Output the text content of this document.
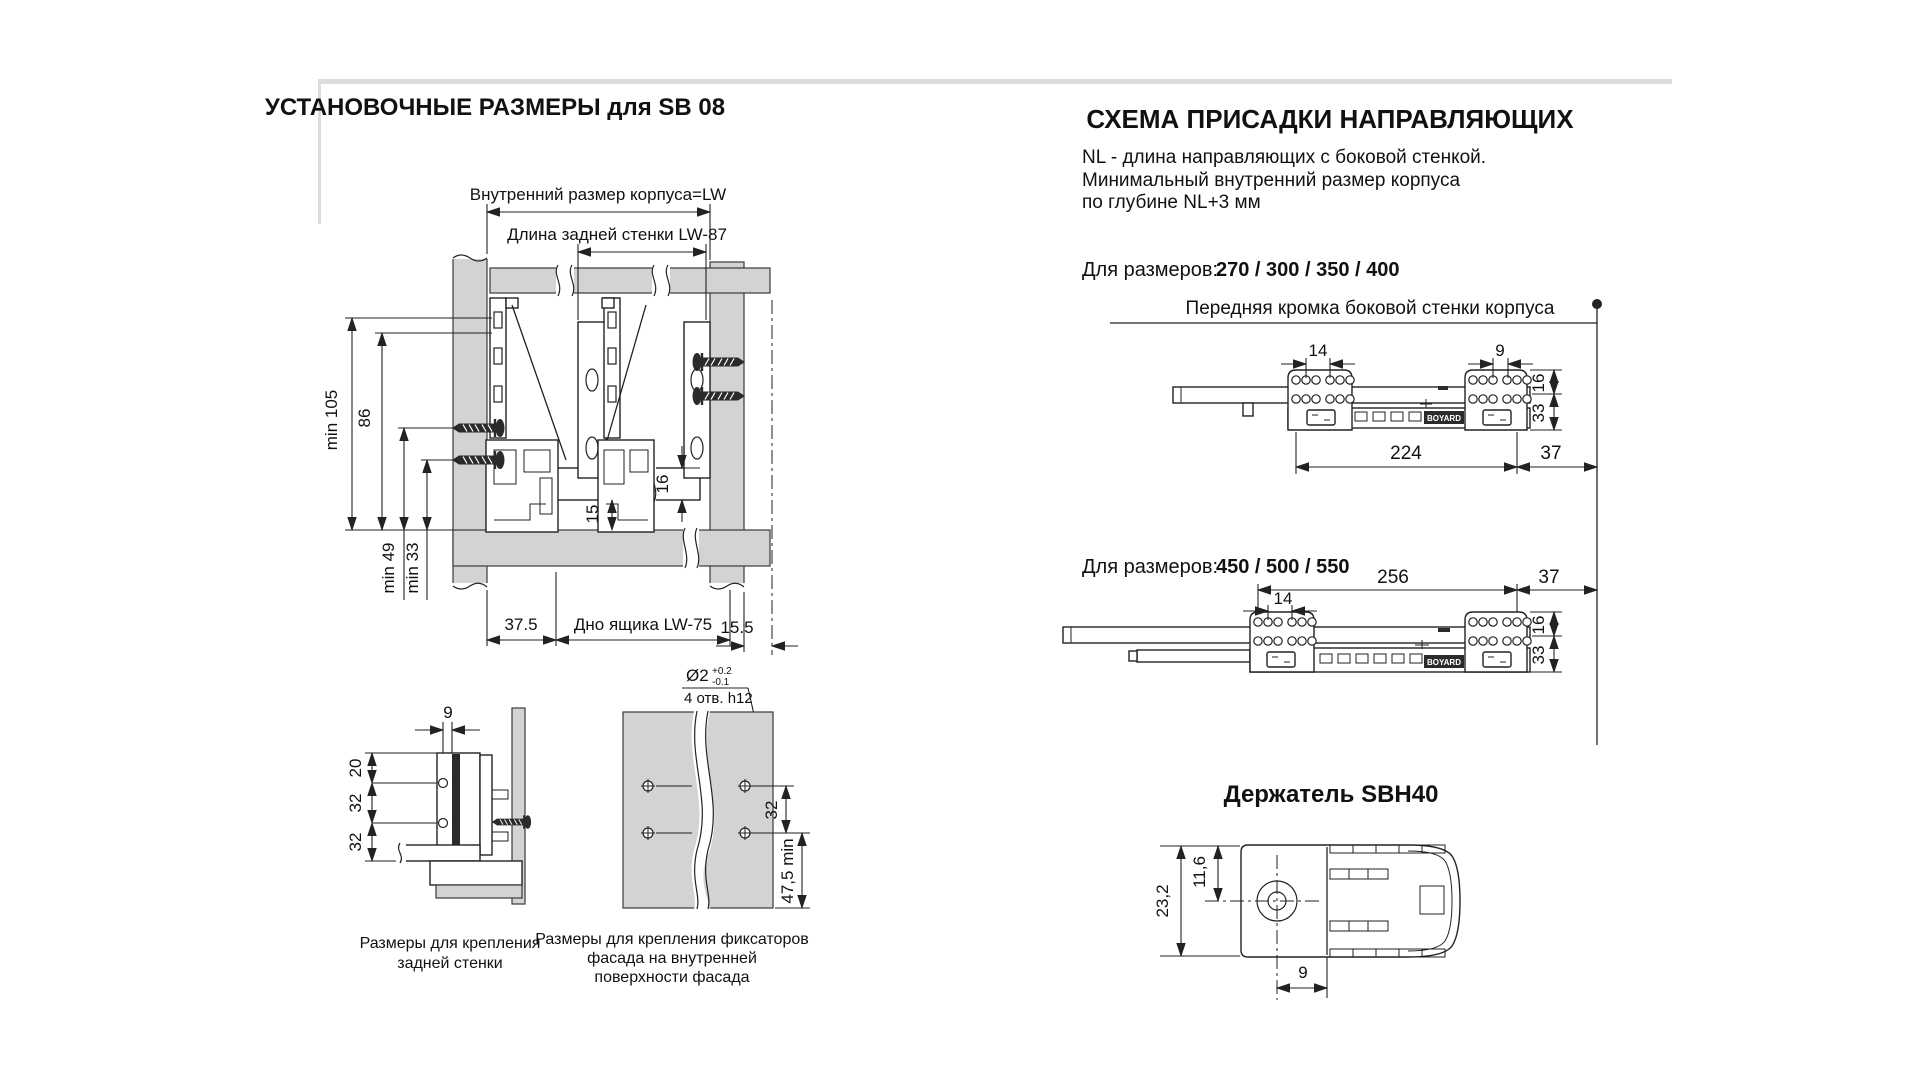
УСТАНОВОЧНЫЕ РАЗМЕРЫ для SB 08
Внутренний размер корпуса=LW
Длина задней стенки LW-87
min 105 86
min 49 min 33
15
16
37.5 Дно ящика LW-75 15.5
9
20
32
32
Размеры для крепления
задней стенки
Ø2 +0.2
-0.1
4 отв. h12
32
47,5 min
Размеры для крепления фиксаторов
фасада на внутренней
поверхности фасада
СХЕМА ПРИСАДКИ НАПРАВЛЯЮЩИХ
NL - длина направляющих с боковой стенкой.
Минимальный внутренний размер корпуса
по глубине NL+3 мм
Для размеров:
270 / 300 / 350 / 400
Передняя кромка боковой стенки корпуса
BOYARD
14	9
16
33
224	37
Для размеров:
450 / 500 / 550 256	37
BOYARD
14
16
33
Держатель SBH40
23,2
11,6
9
